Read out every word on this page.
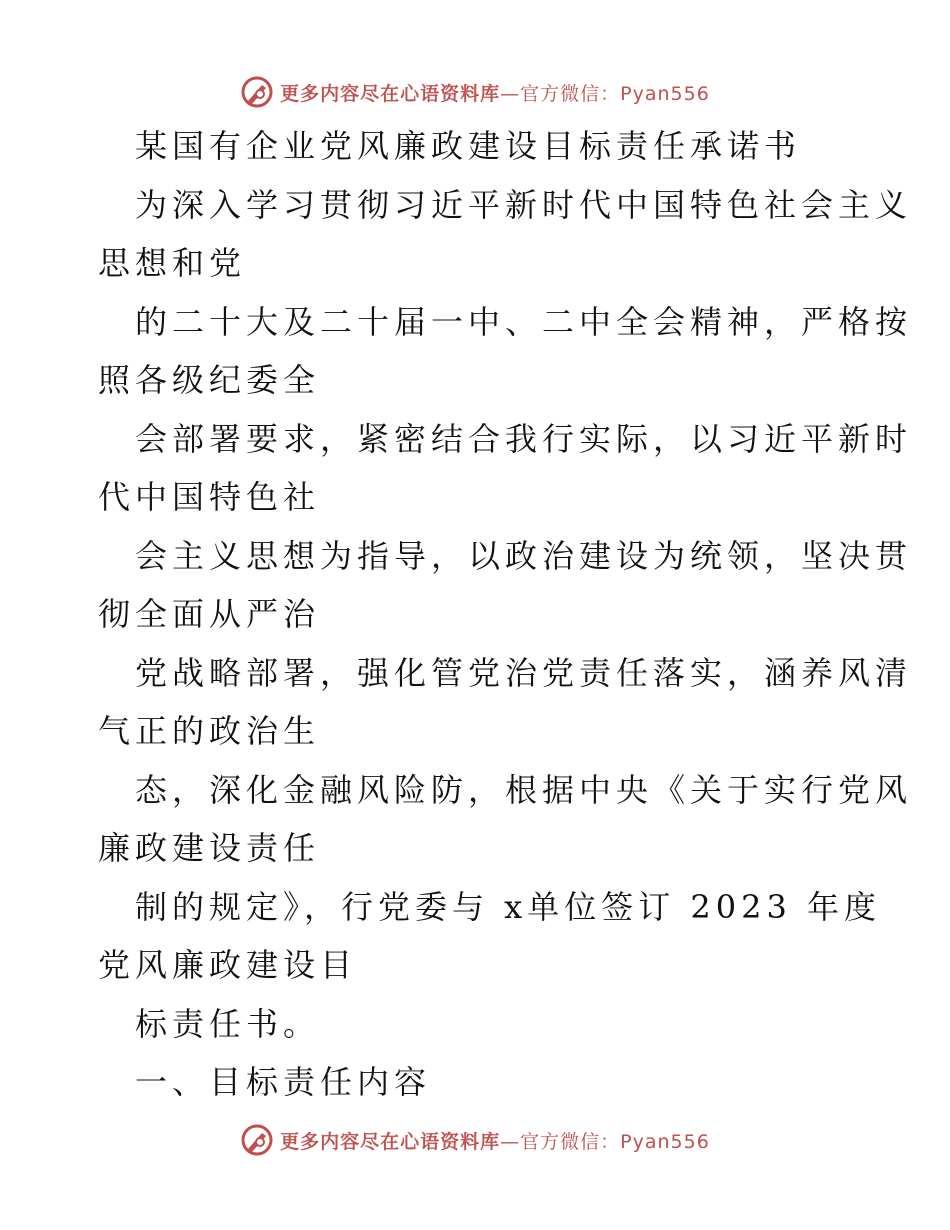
更多内容尽在心语资料库—官方微信：Pyan556
某国有企业党风廉政建设目标责任承诺书
为深入学习贯彻习近平新时代中国特色社会主义
思想和党
的二十大及二十届一中、二中全会精神，严格按
照各级纪委全
会部署要求，紧密结合我行实际，以习近平新时
代中国特色社
会主义思想为指导，以政治建设为统领，坚决贯
彻全面从严治
党战略部署，强化管党治党责任落实，涵养风清
气正的政治生
态，深化金融风险防，根据中央《关于实行党风
廉政建设责任
制的规定》，行党委与 x单位签订 2023 年度
党风廉政建设目
标责任书。
一、目标责任内容
更多内容尽在心语资料库—官方微信：Pyan556
